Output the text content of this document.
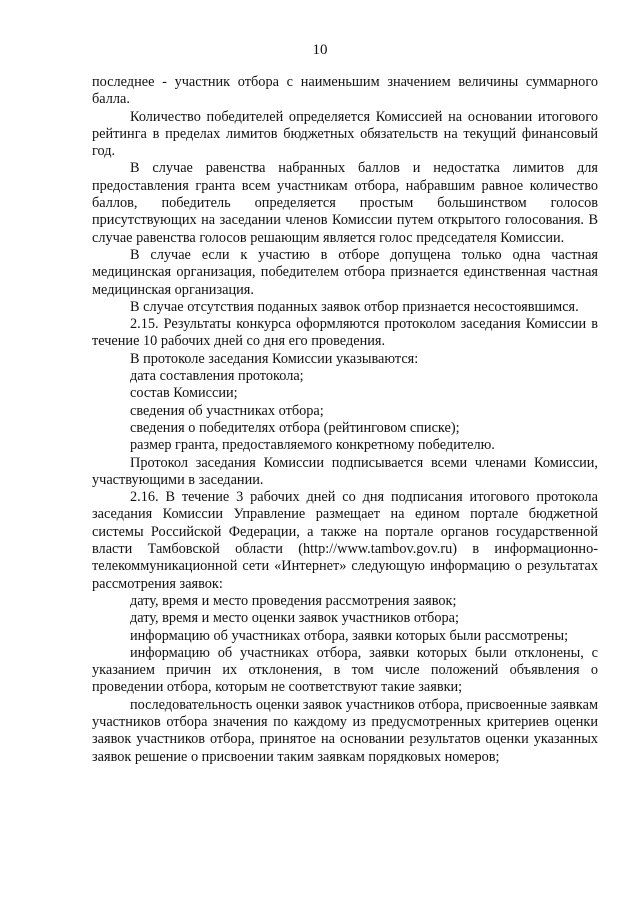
10

последнее - участник отбора с наименьшим значением величины суммарного балла.

Количество победителей определяется Комиссией на основании итогового рейтинга в пределах лимитов бюджетных обязательств на текущий финансовый год.

В случае равенства набранных баллов и недостатка лимитов для предоставления гранта всем участникам отбора, набравшим равное количество баллов, победитель определяется простым большинством голосов присутствующих на заседании членов Комиссии путем открытого голосования. В случае равенства голосов решающим является голос председателя Комиссии.

В случае если к участию в отборе допущена только одна частная медицинская организация, победителем отбора признается единственная частная медицинская организация.

В случае отсутствия поданных заявок отбор признается несостоявшимся.

2.15. Результаты конкурса оформляются протоколом заседания Комиссии в течение 10 рабочих дней со дня его проведения.

В протоколе заседания Комиссии указываются:

дата составления протокола;

состав Комиссии;

сведения об участниках отбора;

сведения о победителях отбора (рейтинговом списке);

размер гранта, предоставляемого конкретному победителю.

Протокол заседания Комиссии подписывается всеми членами Комиссии, участвующими в заседании.

2.16. В течение 3 рабочих дней со дня подписания итогового протокола заседания Комиссии Управление размещает на едином портале бюджетной системы Российской Федерации, а также на портале органов государственной власти Тамбовской области (http://www.tambov.gov.ru) в информационно-телекоммуникационной сети «Интернет» следующую информацию о результатах рассмотрения заявок:

дату, время и место проведения рассмотрения заявок;

дату, время и место оценки заявок участников отбора;

информацию об участниках отбора, заявки которых были рассмотрены;

информацию об участниках отбора, заявки которых были отклонены, с указанием причин их отклонения, в том числе положений объявления о проведении отбора, которым не соответствуют такие заявки;

последовательность оценки заявок участников отбора, присвоенные заявкам участников отбора значения по каждому из предусмотренных критериев оценки заявок участников отбора, принятое на основании результатов оценки указанных заявок решение о присвоении таким заявкам порядковых номеров;
